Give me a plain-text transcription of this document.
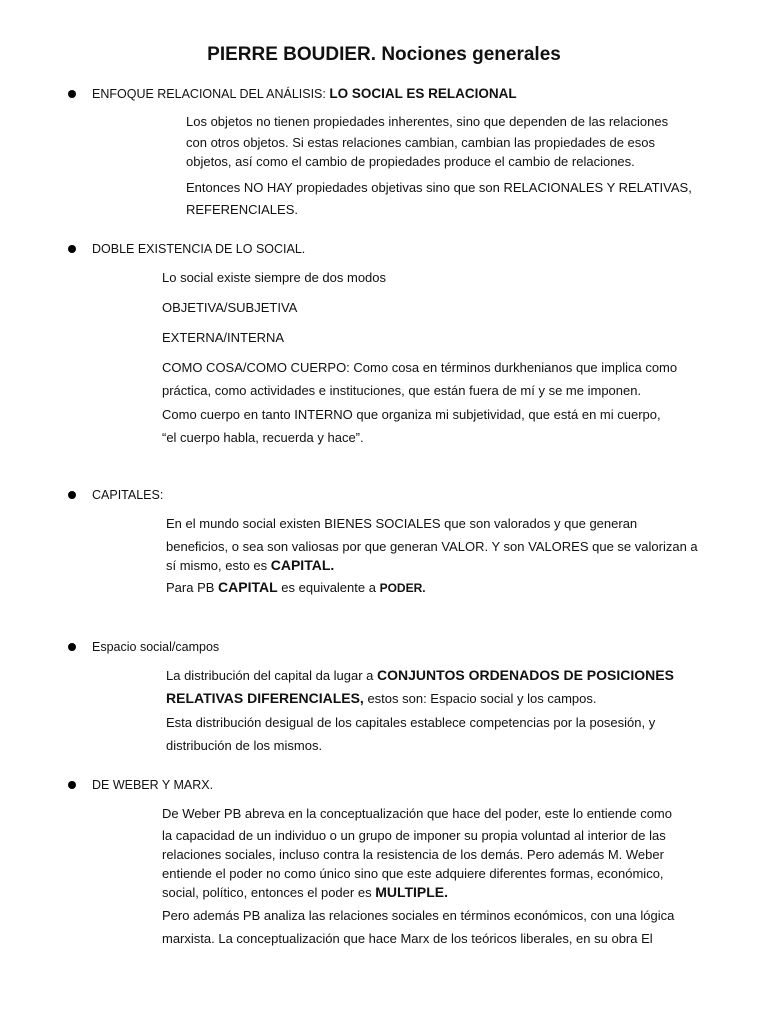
PIERRE BOUDIER. Nociones generales
ENFOQUE RELACIONAL DEL ANÁLISIS: LO SOCIAL ES RELACIONAL
Los objetos no tienen propiedades inherentes, sino que dependen de las relaciones
con otros objetos. Si estas relaciones cambian, cambian las propiedades de esos
objetos, así como el cambio de propiedades produce el cambio de relaciones.
Entonces NO HAY propiedades objetivas sino que son RELACIONALES Y RELATIVAS,
REFERENCIALES.
DOBLE EXISTENCIA DE LO SOCIAL.
Lo social existe siempre de dos modos
OBJETIVA/SUBJETIVA
EXTERNA/INTERNA
COMO COSA/COMO CUERPO: Como cosa en términos durkhenianos que implica como
práctica, como actividades e instituciones, que están fuera de mí y se me imponen.
Como cuerpo en tanto INTERNO que organiza mi subjetividad, que está en mi cuerpo,
“el cuerpo habla, recuerda y hace”.
CAPITALES:
En el mundo social existen BIENES SOCIALES que son valorados y que generan
beneficios, o sea son valiosas por que generan VALOR. Y son VALORES que se valorizan a
sí mismo, esto es CAPITAL.
Para PB CAPITAL es equivalente a PODER.
Espacio social/campos
La distribución del capital da lugar a CONJUNTOS ORDENADOS DE POSICIONES
RELATIVAS DIFERENCIALES, estos son: Espacio social y los campos.
Esta distribución desigual de los capitales establece competencias por la posesión, y
distribución de los mismos.
DE WEBER Y MARX.
De Weber PB abreva en la conceptualización que hace del poder, este lo entiende como
la capacidad de un individuo o un grupo de imponer su propia voluntad al interior de las
relaciones sociales, incluso contra la resistencia de los demás. Pero además M. Weber
entiende el poder no como único sino que este adquiere diferentes formas, económico,
social, político, entonces el poder es MULTIPLE.
Pero además PB analiza las relaciones sociales en términos económicos, con una lógica
marxista. La conceptualización que hace Marx de los teóricos liberales, en su obra El
